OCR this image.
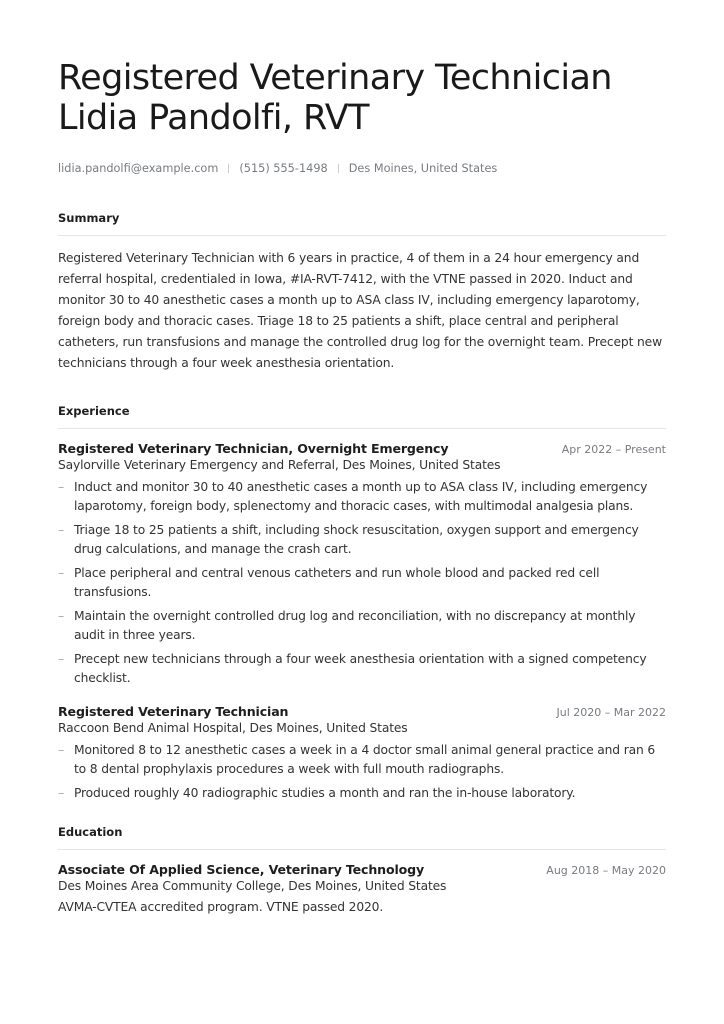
Registered Veterinary Technician
Lidia Pandolfi, RVT
lidia.pandolfi@example.com (515) 555-1498 Des Moines, United States
Summary

Registered Veterinary Technician with 6 years in practice, 4 of them in a 24 hour emergency and referral hospital, credentialed in Iowa, #IA-RVT-7412, with the VTNE passed in 2020. Induct and monitor 30 to 40 anesthetic cases a month up to ASA class IV, including emergency laparotomy, foreign body and thoracic cases. Triage 18 to 25 patients a shift, place central and peripheral catheters, run transfusions and manage the controlled drug log for the overnight team. Precept new technicians through a four week anesthesia orientation.

Experience
Registered Veterinary Technician, Overnight Emergency	Apr 2022 – Present
Saylorville Veterinary Emergency and Referral, Des Moines, United States
– Induct and monitor 30 to 40 anesthetic cases a month up to ASA class IV, including emergency laparotomy, foreign body, splenectomy and thoracic cases, with multimodal analgesia plans.
– Triage 18 to 25 patients a shift, including shock resuscitation, oxygen support and emergency drug calculations, and manage the crash cart.
– Place peripheral and central venous catheters and run whole blood and packed red cell transfusions.
– Maintain the overnight controlled drug log and reconciliation, with no discrepancy at monthly audit in three years.
– Precept new technicians through a four week anesthesia orientation with a signed competency checklist.
Registered Veterinary Technician	Jul 2020 – Mar 2022
Raccoon Bend Animal Hospital, Des Moines, United States
– Monitored 8 to 12 anesthetic cases a week in a 4 doctor small animal general practice and ran 6 to 8 dental prophylaxis procedures a week with full mouth radiographs.
– Produced roughly 40 radiographic studies a month and ran the in-house laboratory.
Education
Associate Of Applied Science, Veterinary Technology	Aug 2018 – May 2020
Des Moines Area Community College, Des Moines, United States
AVMA-CVTEA accredited program. VTNE passed 2020.
